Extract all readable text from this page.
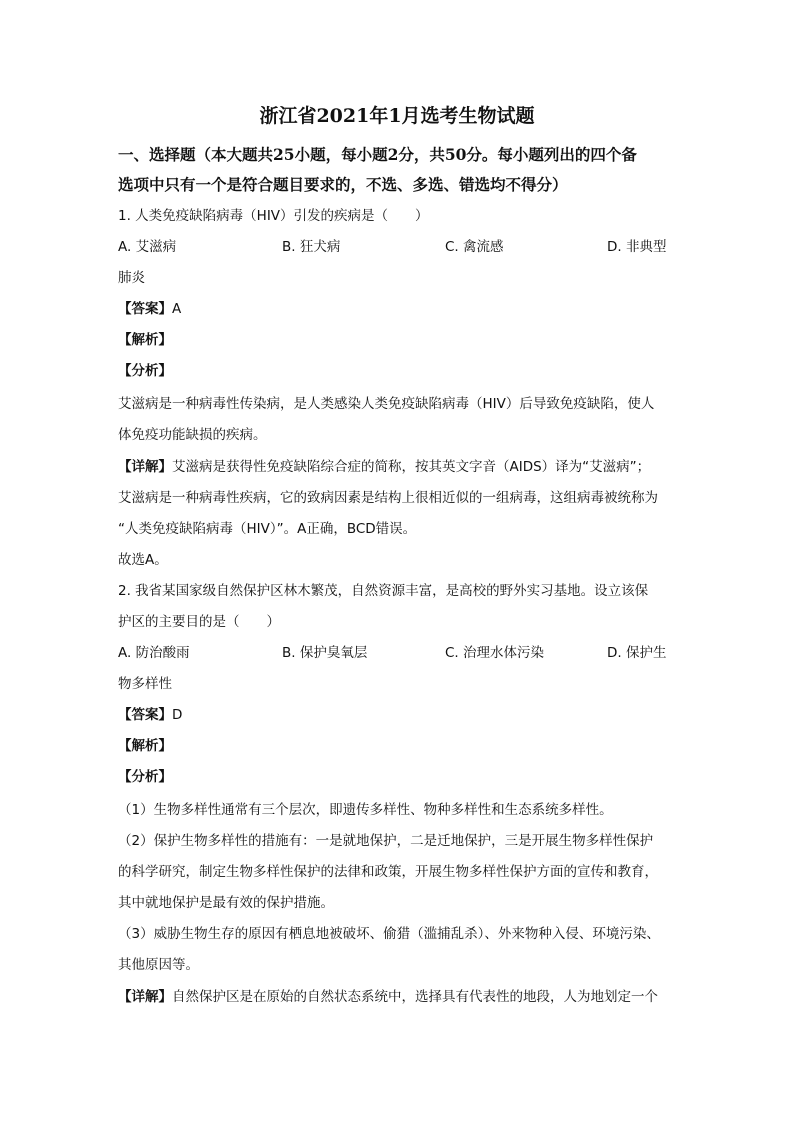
浙江省2021年1月选考生物试题
一、选择题（本大题共25小题，每小题2分，共50分。每小题列出的四个备
选项中只有一个是符合题目要求的，不选、多选、错选均不得分）
1. 人类免疫缺陷病毒（HIV）引发的疾病是（　　）
A. 艾滋病	B. 狂犬病	C. 禽流感	D. 非典型
肺炎
【答案】A
【解析】
【分析】
艾滋病是一种病毒性传染病，是人类感染人类免疫缺陷病毒（HIV）后导致免疫缺陷，使人
体免疫功能缺损的疾病。
【详解】艾滋病是获得性免疫缺陷综合症的简称，按其英文字音（AIDS）译为“艾滋病”；
艾滋病是一种病毒性疾病，它的致病因素是结构上很相近似的一组病毒，这组病毒被统称为
“人类免疫缺陷病毒（HIV）”。A正确，BCD错误。
故选A。
2. 我省某国家级自然保护区林木繁茂，自然资源丰富，是高校的野外实习基地。设立该保
护区的主要目的是（　　）
A. 防治酸雨	B. 保护臭氧层	C. 治理水体污染	D. 保护生
物多样性
【答案】D
【解析】
【分析】
（1）生物多样性通常有三个层次，即遗传多样性、物种多样性和生态系统多样性。
（2）保护生物多样性的措施有：一是就地保护，二是迁地保护，三是开展生物多样性保护
的科学研究，制定生物多样性保护的法律和政策，开展生物多样性保护方面的宣传和教育，
其中就地保护是最有效的保护措施。
（3）威胁生物生存的原因有栖息地被破坏、偷猎（滥捕乱杀）、外来物种入侵、环境污染、
其他原因等。
【详解】自然保护区是在原始的自然状态系统中，选择具有代表性的地段，人为地划定一个
